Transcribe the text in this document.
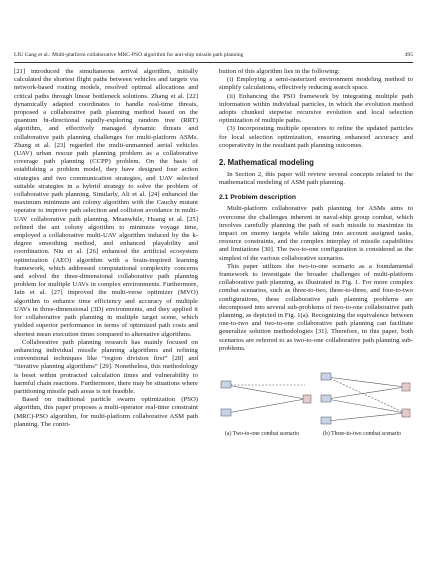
LIU Gang et al.: Multi-platform collaborative MRC-PSO algorithm for anti-ship missile path planning	495

[21] introduced the simultaneous arrival algorithm, initially calculated the shortest flight paths between vehicles and targets via network-based routing models, resolved optimal allocations and critical paths through linear bottleneck solutions. Zhang et al. [22] dynamically adapted coordinates to handle real-time threats, proposed a collaborative path planning method based on the quantum bi-directional rapidly-exploring random tree (RRT) algorithm, and effectively managed dynamic threats and collaborative path planning challenges for multi-platform ASMs. Zhang et al. [23] regarded the multi-unmanned aerial vehicles (UAV) urban rescue path planning problem as a collaborative coverage path planning (CCPP) problem. On the basis of establishing a problem model, they have designed four action strategies and two communication strategies, and UAV selected suitable strategies in a hybrid strategy to solve the problem of collaborative path planning. Similarly, Ali et al. [24] enhanced the maximum minimum ant colony algorithm with the Cauchy mutant operator to improve path selection and collision avoidance in multi-UAV collaborative path planning. Meanwhile, Huang et al. [25] refined the ant colony algorithm to minimize voyage time, employed a collaborative multi-UAV algorithm induced by the k-degree smoothing method, and enhanced playability and coordination. Niu et al. [26] enhanced the artificial ecosystem optimization (AEO) algorithm with a brain-inspired learning framework, which addressed computational complexity concerns and solved the three-dimensional collaborative path planning problem for multiple UAVs in complex environments. Furthermore, Jain et al. [27] improved the multi-verse optimizer (MVO) algorithm to enhance time efficiency and accuracy of multiple UAVs in three-dimensional (3D) environments, and they applied it for collaborative path planning in multiple target scene, which yielded superior performance in terms of optimized path costs and shortest mean execution times compared to alternative algorithms.

Collaborative path planning research has mainly focused on enhancing individual missile planning algorithms and refining conventional techniques like “region division first” [28] and “iterative planning algorithms” [29]. Nonetheless, this methodology is beset within protracted calculation times and vulnerability to harmful chain reactions. Furthermore, there may be situations where partitioning missile path areas is not feasible.

Based on traditional particle swarm optimization (PSO) algorithm, this paper proposes a multi-operator real-time constraint (MRC)-PSO algorithm, for multi-platform collaborative ASM path planning. The contri-

bution of this algorithm lies in the following:

(i) Employing a semi-rasterized environment modeling method to simplify calculations, effectively reducing search space.

(ii) Enhancing the PSO framework by integrating multiple path information within individual particles, in which the evolution method adopts chunked stepwise recursive evolution and local selection optimization of multiple paths.

(3) Incorporating multiple operators to refine the updated particles for local selection optimization, ensuring enhanced accuracy and cooperativity in the resultant path planning outcomes.

2. Mathematical modeling

In Section 2, this paper will review several concepts related to the mathematical modeling of ASM path planning.

2.1 Problem description

Multi-platform collaborative path planning for ASMs aims to overcome the challenges inherent in naval-ship group combat, which involves carefully planning the path of each missile to maximize its impact on enemy targets while taking into account assigned tasks, resource constraints, and the complex interplay of missile capabilities and limitations [30]. The two-to-one configuration is considered as the simplest of the various collaborative scenarios.

This paper utilizes the two-to-one scenario as a foundamental framework to investigate the broader challenges of multi-platform collaborative path planning, as illustrated in Fig. 1. For more complex combat scenarios, such as three-to-two, three-to-three, and four-to-two configurations, these collaborative path planning problems are decomposed into several sub-problems of two-to-one collaborative path planning, as depicted in Fig. 1(a). Recognizing the equivalence between one-to-two and two-to-one collaborative path planning can facilitate generalize solution methodologies [31]. Therefore, in this paper, both scenarios are referred to as two-to-one collaborative path planning sub-problems.

(a) Two-to-one combat scenario	(b) Three-to-two combat scenario
